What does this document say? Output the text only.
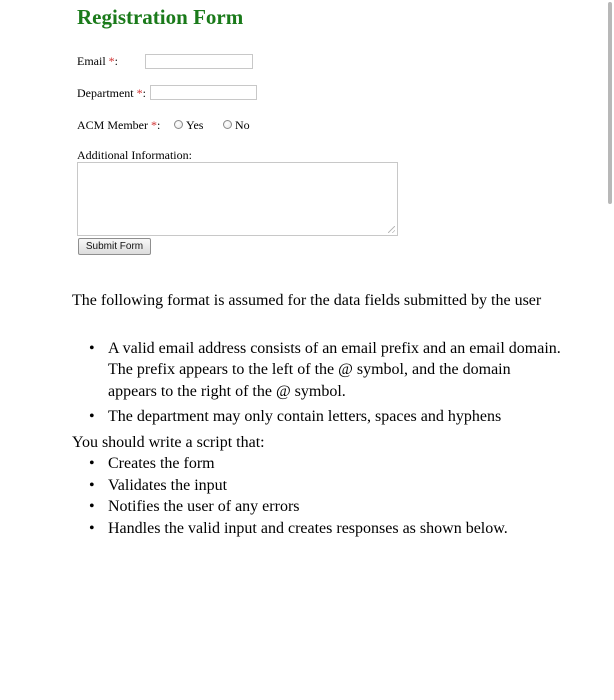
Registration Form
Email *:
Department *:
ACM Member *: Yes	No
Additional Information:
Submit Form

The following format is assumed for the data fields submitted by the user

• A valid email address consists of an email prefix and an email domain. The prefix appears to the left of the @ symbol, and the domain appears to the right of the @ symbol.
• The department may only contain letters, spaces and hyphens

You should write a script that:

• Creates the form
• Validates the input
• Notifies the user of any errors
• Handles the valid input and creates responses as shown below.
